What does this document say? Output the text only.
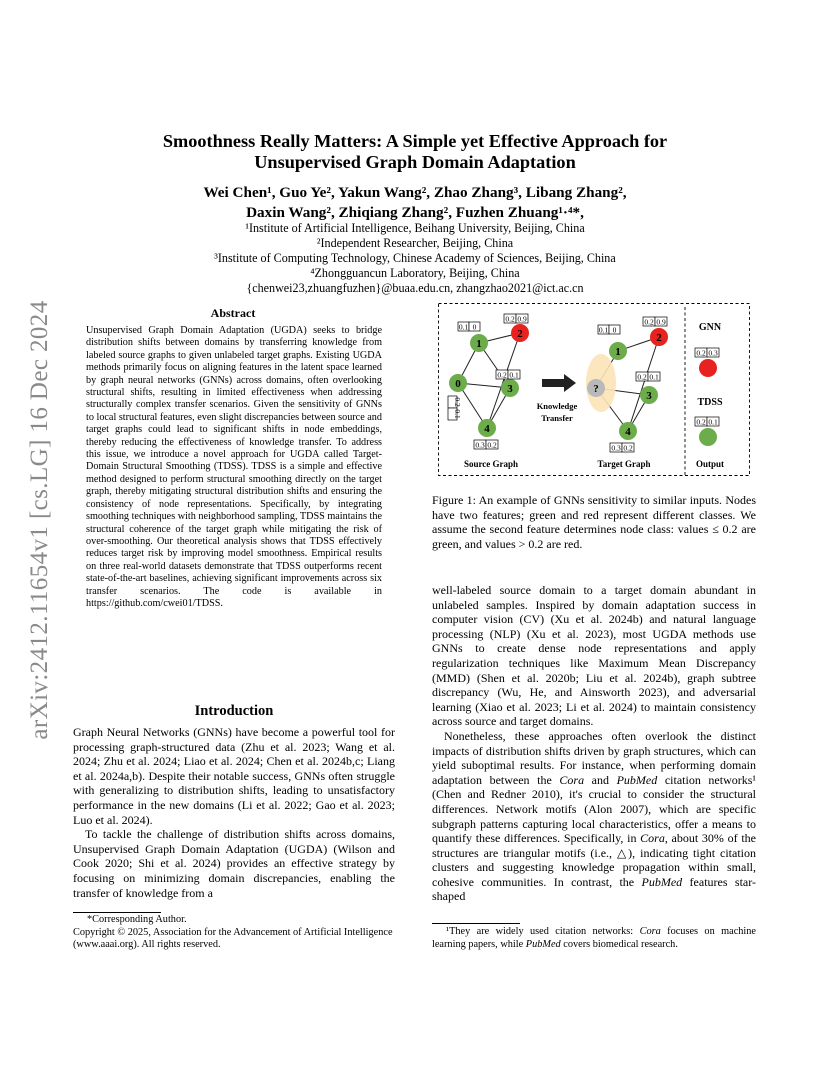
arXiv:2412.11654v1 [cs.LG] 16 Dec 2024
Smoothness Really Matters: A Simple yet Effective Approach for
Unsupervised Graph Domain Adaptation
Wei Chen¹, Guo Ye², Yakun Wang², Zhao Zhang³, Libang Zhang²,
Daxin Wang², Zhiqiang Zhang², Fuzhen Zhuang¹·⁴*,
¹Institute of Artificial Intelligence, Beihang University, Beijing, China
²Independent Researcher, Beijing, China
³Institute of Computing Technology, Chinese Academy of Sciences, Beijing, China
⁴Zhongguancun Laboratory, Beijing, China
{chenwei23,zhuangfuzhen}@buaa.edu.cn, zhangzhao2021@ict.ac.cn
Abstract
Unsupervised Graph Domain Adaptation (UGDA) seeks to bridge distribution shifts between domains by transferring knowledge from labeled source graphs to given unlabeled target graphs. Existing UGDA methods primarily focus on aligning features in the latent space learned by graph neural networks (GNNs) across domains, often overlooking structural shifts, resulting in limited effectiveness when addressing structurally complex transfer scenarios. Given the sensitivity of GNNs to local structural features, even slight discrepancies between source and target graphs could lead to significant shifts in node embeddings, thereby reducing the effectiveness of knowledge transfer. To address this issue, we introduce a novel approach for UGDA called Target-Domain Structural Smoothing (TDSS). TDSS is a simple and effective method designed to perform structural smoothing directly on the target graph, thereby mitigating structural distribution shifts and ensuring the consistency of node representations. Specifically, by integrating smoothing techniques with neighborhood sampling, TDSS maintains the structural coherence of the target graph while mitigating the risk of over-smoothing. Our theoretical analysis shows that TDSS effectively reduces target risk by improving model smoothness. Empirical results on three real-world datasets demonstrate that TDSS outperforms recent state-of-the-art baselines, achieving significant improvements across six transfer scenarios. The code is available in https://github.com/cwei01/TDSS.
Introduction

Graph Neural Networks (GNNs) have become a powerful tool for processing graph-structured data (Zhu et al. 2023; Wang et al. 2024; Zhu et al. 2024; Liao et al. 2024; Chen et al. 2024b,c; Liang et al. 2024a,b). Despite their notable success, GNNs often struggle with generalizing to distribution shifts, leading to unsatisfactory performance in the new domains (Li et al. 2022; Gao et al. 2023; Luo et al. 2024).

To tackle the challenge of distribution shifts across domains, Unsupervised Graph Domain Adaptation (UGDA) (Wilson and Cook 2020; Shi et al. 2024) provides an effective strategy by focusing on minimizing domain discrepancies, enabling the transfer of knowledge from a

*Corresponding Author.
Copyright © 2025, Association for the Advancement of Artificial Intelligence (www.aaai.org). All rights reserved.
0
1
2
3
4
0.1 0
0.2 0.9
0.2 0.1
0.3 0.2
0.2
0.1
Knowledge
Transfer
?
1
2
3
4
0.1 0
0.2 0.9
0.2 0.1
0.3 0.2
GNN
0.2 0.3
TDSS
0.2 0.1
Source Graph	Target Graph	Output
Figure 1: An example of GNNs sensitivity to similar inputs. Nodes have two features; green and red represent different classes. We assume the second feature determines node class: values ≤ 0.2 are green, and values > 0.2 are red.

well-labeled source domain to a target domain abundant in unlabeled samples. Inspired by domain adaptation success in computer vision (CV) (Xu et al. 2024b) and natural language processing (NLP) (Xu et al. 2023), most UGDA methods use GNNs to create dense node representations and apply regularization techniques like Maximum Mean Discrepancy (MMD) (Shen et al. 2020b; Liu et al. 2024b), graph subtree discrepancy (Wu, He, and Ainsworth 2023), and adversarial learning (Xiao et al. 2023; Li et al. 2024) to maintain consistency across source and target domains.

Nonetheless, these approaches often overlook the distinct impacts of distribution shifts driven by graph structures, which can yield suboptimal results. For instance, when performing domain adaptation between the Cora and PubMed citation networks¹ (Chen and Redner 2010), it's crucial to consider the structural differences. Network motifs (Alon 2007), which are specific subgraph patterns capturing local characteristics, offer a means to quantify these differences. Specifically, in Cora, about 30% of the structures are triangular motifs (i.e., △), indicating tight citation clusters and suggesting knowledge propagation within small, cohesive communities. In contrast, the PubMed features star-shaped

¹They are widely used citation networks: Cora focuses on machine learning papers, while PubMed covers biomedical research.
